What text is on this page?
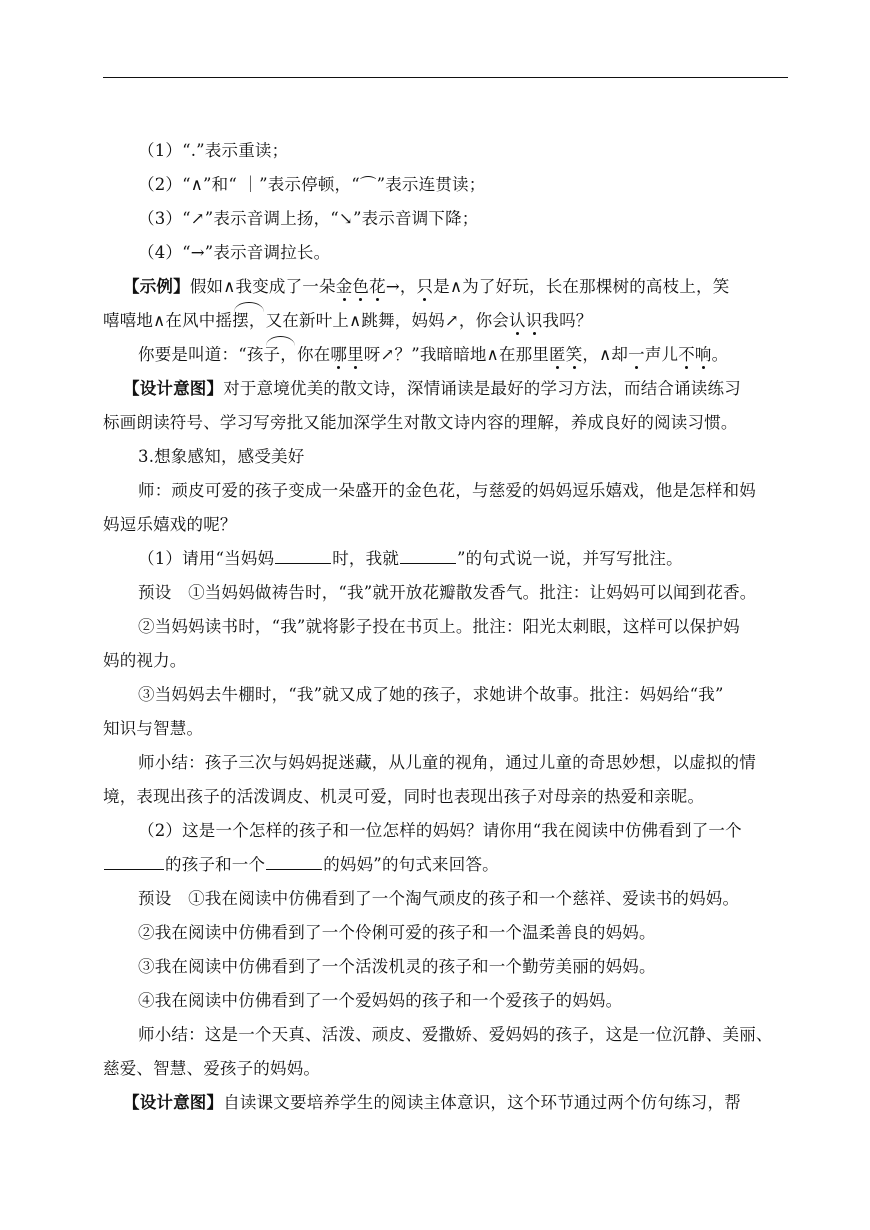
（1）“.”表示重读；
（2）“∧”和“ ｜”表示停顿，“⌒”表示连贯读；
（3）“↗”表示音调上扬，“↘”表示音调下降；
（4）“→”表示音调拉长。
【示例】假如∧我变成了一朵金色花→，只是∧为了好玩，长在那棵树的高枝上，笑
嘻嘻地∧在风中摇摆，又在新叶上∧跳舞，妈妈↗，你会认识我吗？
你要是叫道：“孩子，你在哪里呀↗？”我暗暗地∧在那里匿笑，∧却一声儿不响。
【设计意图】对于意境优美的散文诗，深情诵读是最好的学习方法，而结合诵读练习
标画朗读符号、学习写旁批又能加深学生对散文诗内容的理解，养成良好的阅读习惯。
3.想象感知，感受美好
师：顽皮可爱的孩子变成一朵盛开的金色花，与慈爱的妈妈逗乐嬉戏，他是怎样和妈
妈逗乐嬉戏的呢？
（1）请用“当妈妈	时，我就	”的句式说一说，并写写批注。
预设　①当妈妈做祷告时，“我”就开放花瓣散发香气。批注：让妈妈可以闻到花香。
②当妈妈读书时，“我”就将影子投在书页上。批注：阳光太刺眼，这样可以保护妈
妈的视力。
③当妈妈去牛棚时，“我”就又成了她的孩子，求她讲个故事。批注：妈妈给“我”
知识与智慧。
师小结：孩子三次与妈妈捉迷藏，从儿童的视角，通过儿童的奇思妙想，以虚拟的情
境，表现出孩子的活泼调皮、机灵可爱，同时也表现出孩子对母亲的热爱和亲昵。
（2）这是一个怎样的孩子和一位怎样的妈妈？请你用“我在阅读中仿佛看到了一个
的孩子和一个	的妈妈”的句式来回答。
预设　①我在阅读中仿佛看到了一个淘气顽皮的孩子和一个慈祥、爱读书的妈妈。
②我在阅读中仿佛看到了一个伶俐可爱的孩子和一个温柔善良的妈妈。
③我在阅读中仿佛看到了一个活泼机灵的孩子和一个勤劳美丽的妈妈。
④我在阅读中仿佛看到了一个爱妈妈的孩子和一个爱孩子的妈妈。
师小结：这是一个天真、活泼、顽皮、爱撒娇、爱妈妈的孩子，这是一位沉静、美丽、
慈爱、智慧、爱孩子的妈妈。
【设计意图】自读课文要培养学生的阅读主体意识，这个环节通过两个仿句练习，帮
